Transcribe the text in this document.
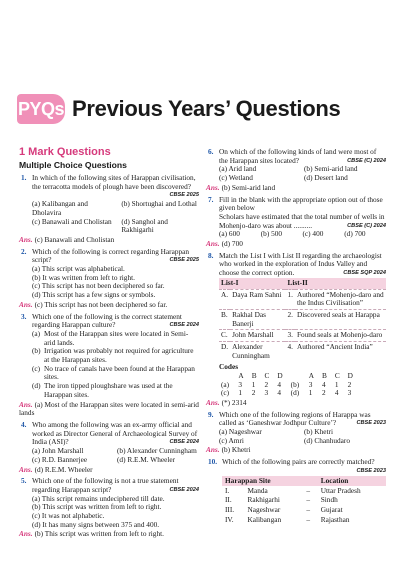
PYQs Previous Years’ Questions
1 Mark Questions
Multiple Choice Questions
1. In which of the following sites of Harappan civilisation, the terracotta models of plough have been discovered?
CBSE 2025
(a) Kalibangan and Dholavira
(b) Shortughai and Lothal
(c) Banawali and Cholistan	(d) Sanghol and Rakhigarhi
Ans. (c) Banawali and Cholistan
2. Which of the following is correct regarding Harappan script?	CBSE 2025
(a) This script was alphabetical.
(b) It was written from left to right.
(c) This script has not been deciphered so far.
(d) This script has a few signs or symbols.
Ans. (c) This script has not been deciphered so far.
3. Which one of the following is the correct statement regarding Harappan culture?	CBSE 2024
(a) Most of the Harappan sites were located in Semi-arid lands.
(b) Irrigation was probably not required for agriculture at the Harappan sites.
(c) No trace of canals have been found at the Harappan sites.
(d) The iron tipped ploughshare was used at the Harappan sites.
Ans. (a) Most of the Harappan sites were located in semi-arid lands
4. Who among the following was an ex-army official and worked as Director General of Archaeological Survey of India (ASI)?	CBSE 2024
(a) John Marshall	(b) Alexander Cunningham
(c) R.D. Bannerjee	(d) R.E.M. Wheeler
Ans. (d) R.E.M. Wheeler
5. Which one of the following is not a true statement regarding Harappan script?	CBSE 2024
(a) This script remains undeciphered till date.
(b) This script was written from left to right.
(c) It was not alphabetic.
(d) It has many signs between 375 and 400.
Ans. (b) This script was written from left to right.
6. On which of the following kinds of land were most of the Harappan sites located?	CBSE (C) 2024
(a) Arid land	(b) Semi-arid land
(c) Wetland	(d) Desert land
Ans. (b) Semi-arid land
7. Fill in the blank with the appropriate option out of those given below
Scholars have estimated that the total number of wells in Mohenjo-daro was about ..........	CBSE (C) 2024
(a) 600	(b) 500	(c) 400	(d) 700
Ans. (d) 700
8. Match the List I with List II regarding the archaeologist who worked in the exploration of Indus Valley and choose the correct option.	CBSE SQP 2024
List-I		List-II	
A.	Daya Ram Sahni	1.	Authored “Mohenjo-daro and the Indus Civilisation”
B.	Rakhal Das Banerji	2.	Discovered seals at Harappa
C.	John Marshall	3.	Found seals at Mohenjo-daro
D.	Alexander Cunningham	4.	Authored “Ancient India”
Codes
	A	B	C	D		A	B	C	D
(a)	3	1	2	4	(b)	3	4	1	2
(c)	1	2	3	4	(d)	1	2	4	3
Ans. (*) 2314
9. Which one of the following regions of Harappa was called as ‘Ganeshwar Jodhpur Culture’?	CBSE 2023
(a) Nageshwar	(b) Khetri
(c) Amri	(d) Chanhudaro
Ans. (b) Khetri
10. Which of the following pairs are correctly matched?
CBSE 2023
Harappan Site			Location
I.	Manda	–	Uttar Pradesh
II.	Rakhigarhi	–	Sindh
III.	Nageshwar	–	Gujarat
IV.	Kalibangan	–	Rajasthan
